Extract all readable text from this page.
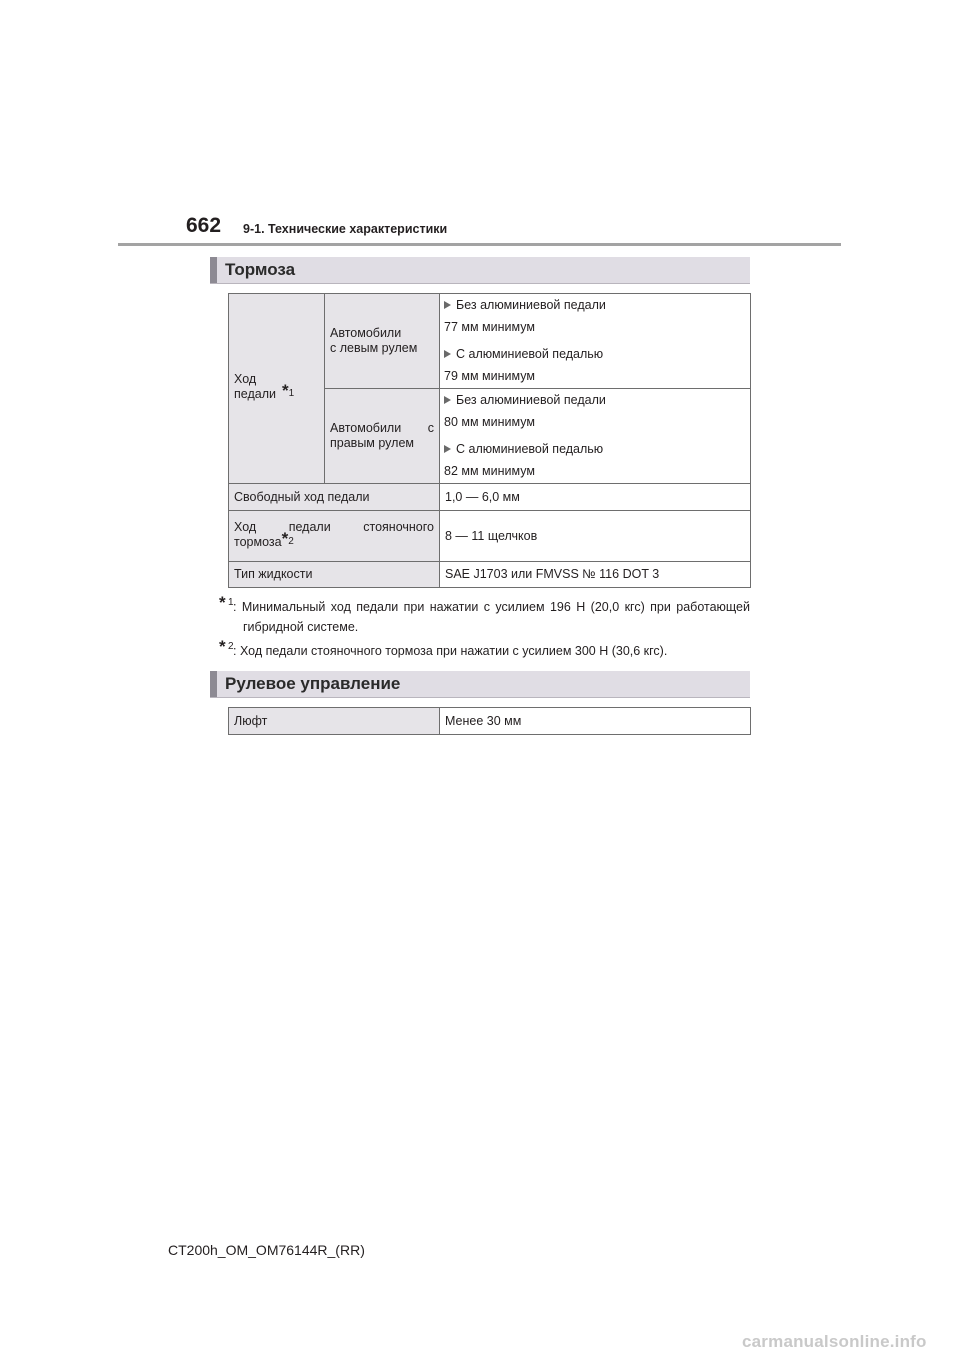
662 9-1. Технические характеристики
Тормоза
Ход педали $^{*1}$	Автомобили
с левым рулем	Без алюминиевой педали
77 мм минимум
С алюминиевой педалью
79 мм минимум

	Автомобили с
правым рулем	Без алюминиевой педали
80 мм минимум
С алюминиевой педалью
82 мм минимум

Свободный ход педали		1,0 — 6,0 мм

Ход педали стояночного
тормоза$^{*2}$		8 — 11 щелчков
Тип жидкости		SAE J1703 или FMVSS № 116 DOT 3
* 1 : Минимальный ход педали при нажатии с усилием 196 Н (20,0 кгс) при работающей гибридной системе.
* 2 : Ход педали стояночного тормоза при нажатии с усилием 300 Н (30,6 кгс).
Рулевое управление
Люфт	Менее 30 мм
CT200h_OM_OM76144R_(RR)
carmanualsonline.info
